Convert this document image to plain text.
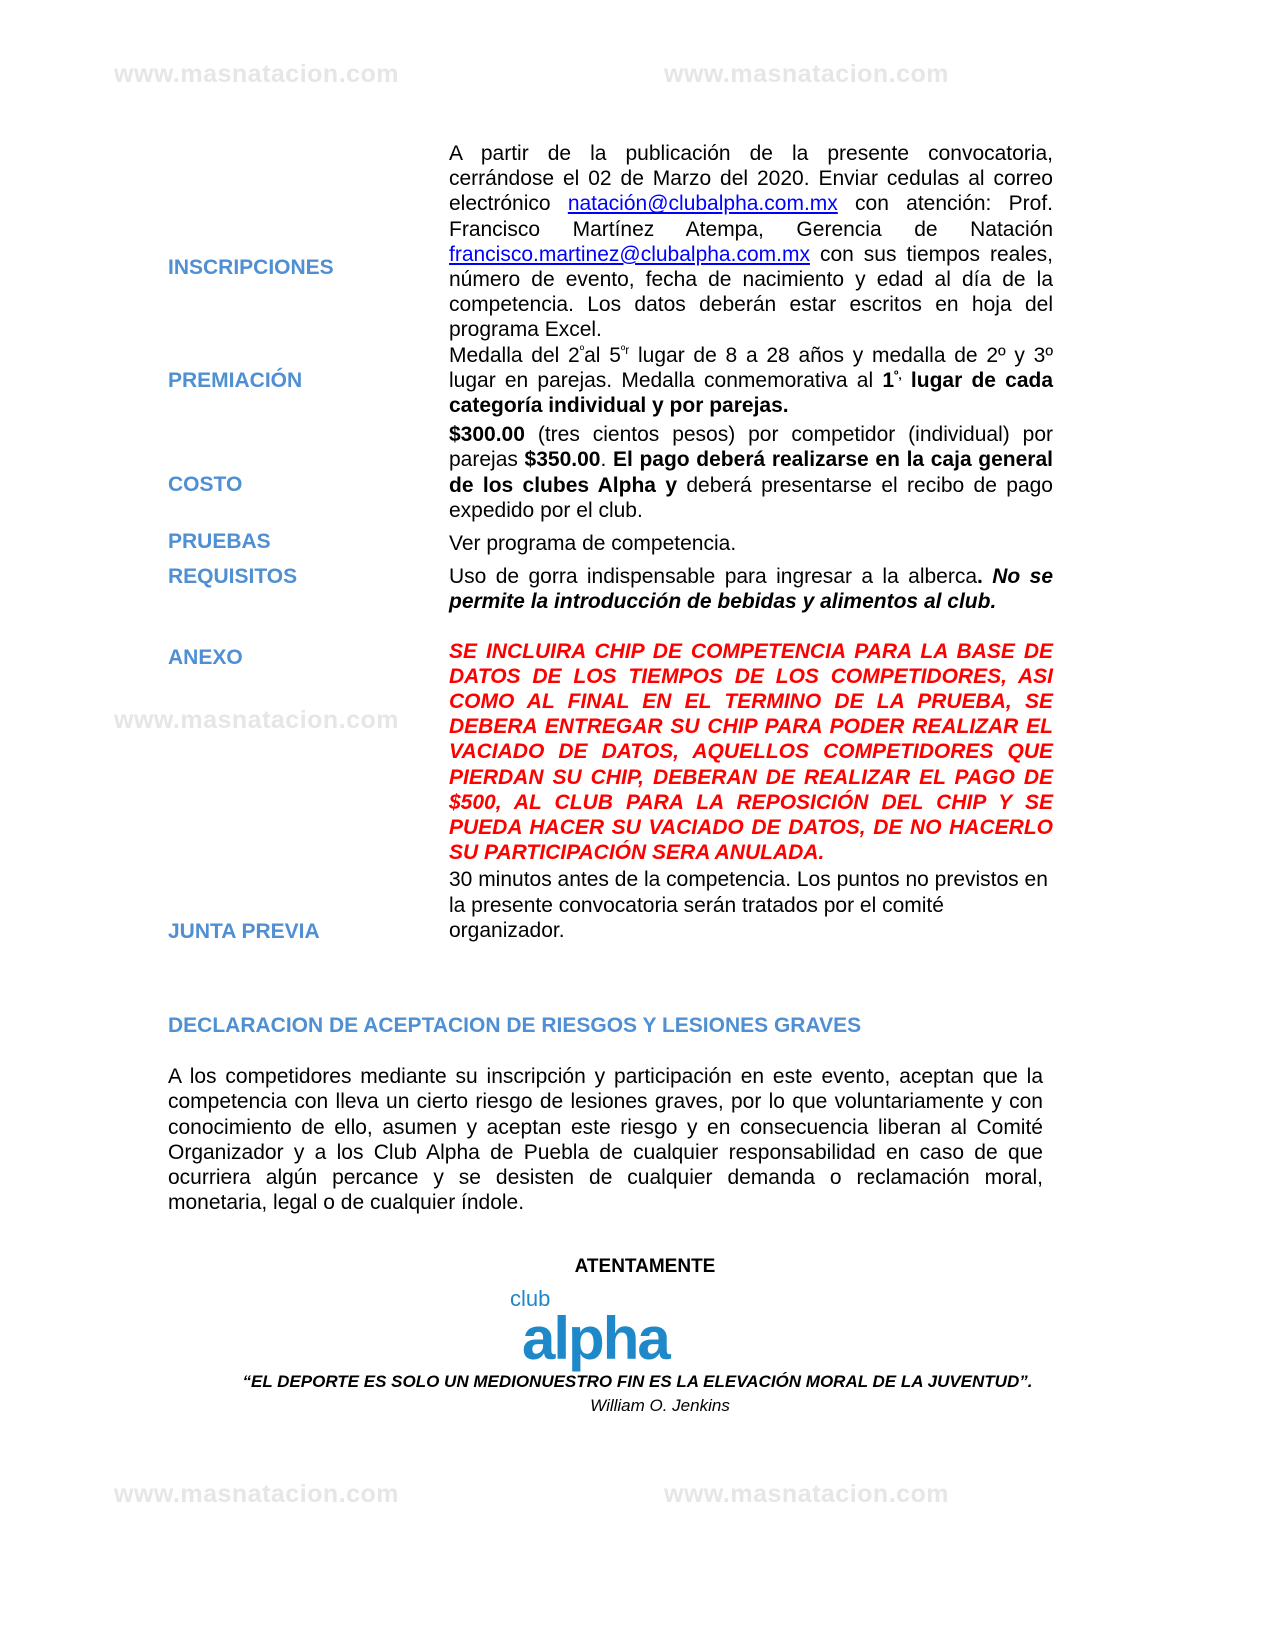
www.masnatacion.com	www.masnatacion.com
www.masnatacion.com
www.masnatacion.com	www.masnatacion.com
INSCRIPCIONES
PREMIACIÓN
COSTO
PRUEBAS
REQUISITOS
ANEXO
JUNTA PREVIA
A partir de la publicación de la presente convocatoria, cerrándose el 02 de Marzo del 2020. Enviar cedulas al correo electrónico natación@clubalpha.com.mx con atención: Prof. Francisco Martínez Atempa, Gerencia de Natación francisco.martinez@clubalpha.com.mx con sus tiempos reales, número de evento, fecha de nacimiento y edad al día de la competencia. Los datos deberán estar escritos en hoja del programa Excel.
Medalla del $2^ºal$ $5^{ºr}$ lugar de 8 a 28 años y medalla de 2º y 3º lugar en parejas. Medalla conmemorativa al $1^{º,}$ lugar de cada categoría individual y por parejas.
$300.00 (tres cientos pesos) por competidor (individual) por parejas $350.00. El pago deberá realizarse en la caja general de los clubes Alpha y deberá presentarse el recibo de pago expedido por el club.
Ver programa de competencia.
Uso de gorra indispensable para ingresar a la alberca. No se permite la introducción de bebidas y alimentos al club.
SE INCLUIRA CHIP DE COMPETENCIA PARA LA BASE DE DATOS DE LOS TIEMPOS DE LOS COMPETIDORES, ASI COMO AL FINAL EN EL TERMINO DE LA PRUEBA, SE DEBERA ENTREGAR SU CHIP PARA PODER REALIZAR EL VACIADO DE DATOS, AQUELLOS COMPETIDORES QUE PIERDAN SU CHIP, DEBERAN DE REALIZAR EL PAGO DE $500, AL CLUB PARA LA REPOSICIÓN DEL CHIP Y SE PUEDA HACER SU VACIADO DE DATOS, DE NO HACERLO SU PARTICIPACIÓN SERA ANULADA.
30 minutos antes de la competencia. Los puntos no previstos en la presente convocatoria serán tratados por el comité organizador.
DECLARACION DE ACEPTACION DE RIESGOS Y LESIONES GRAVES
A los competidores mediante su inscripción y participación en este evento, aceptan que la competencia con lleva un cierto riesgo de lesiones graves, por lo que voluntariamente y con conocimiento de ello, asumen y aceptan este riesgo y en consecuencia liberan al Comité Organizador y a los Club Alpha de Puebla de cualquier responsabilidad en caso de que ocurriera algún percance y se desisten de cualquier demanda o reclamación moral, monetaria, legal o de cualquier índole.
ATENTAMENTE
club
alpha
“EL DEPORTE ES SOLO UN MEDIONUESTRO FIN ES LA ELEVACIÓN MORAL DE LA JUVENTUD”.
William O. Jenkins
